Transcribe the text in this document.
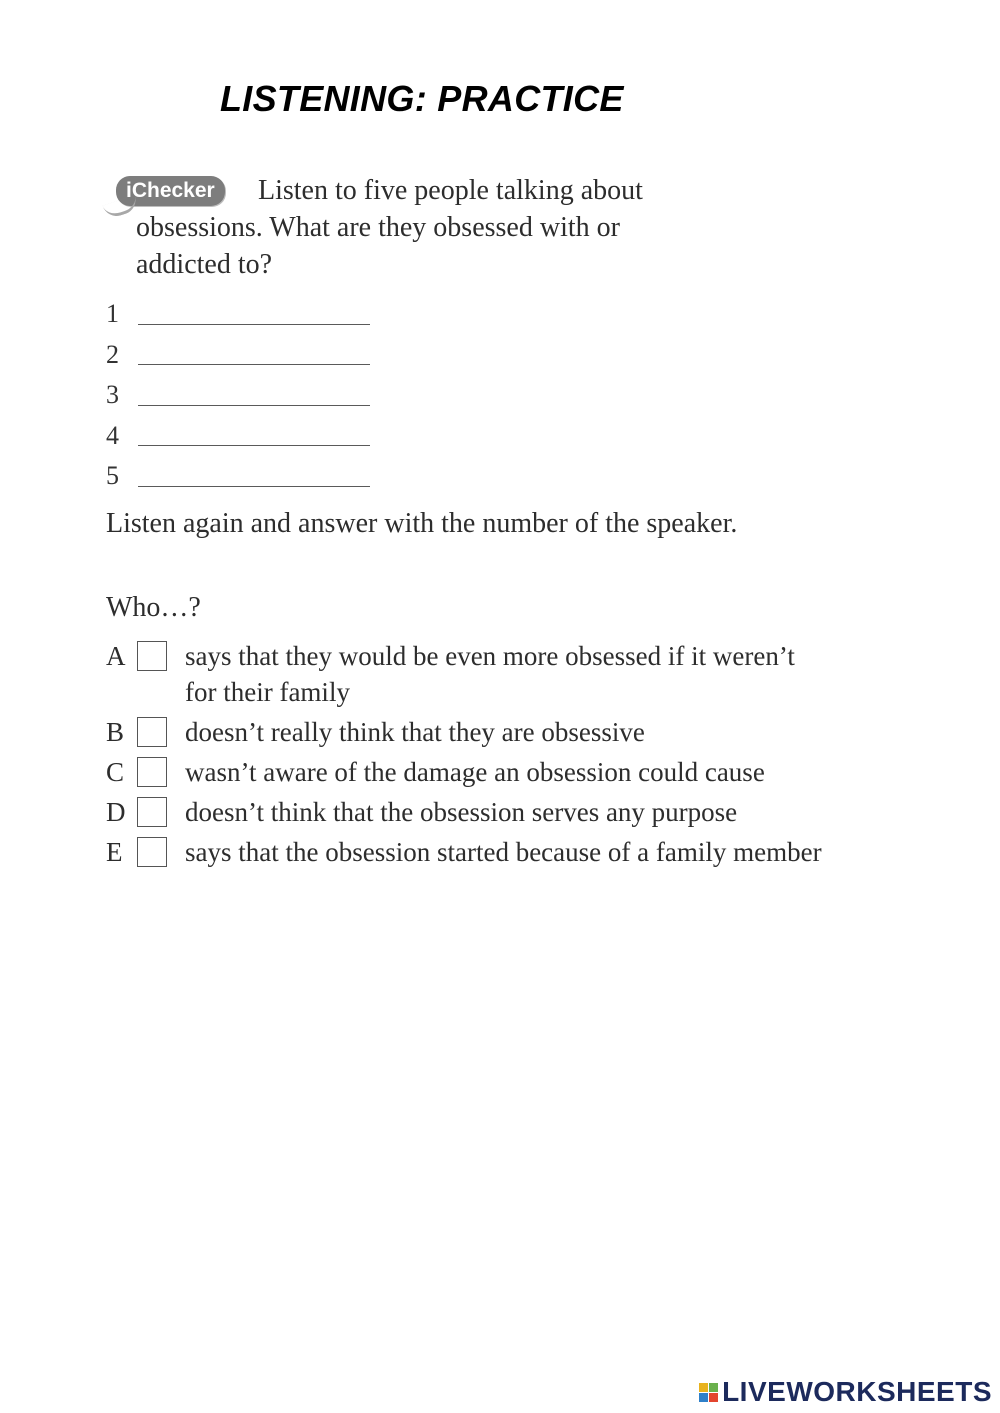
LISTENING: PRACTICE
iChecker	Listen to five people talking about
obsessions. What are they obsessed with or addicted to?
1
2
3
4
5

Listen again and answer with the number of the speaker.

Who…?

A says that they would be even more obsessed if it weren’t for their family
B doesn’t really think that they are obsessive
C wasn’t aware of the damage an obsession could cause
D doesn’t think that the obsession serves any purpose
E says that the obsession started because of a family member
LIVEWORKSHEETS
